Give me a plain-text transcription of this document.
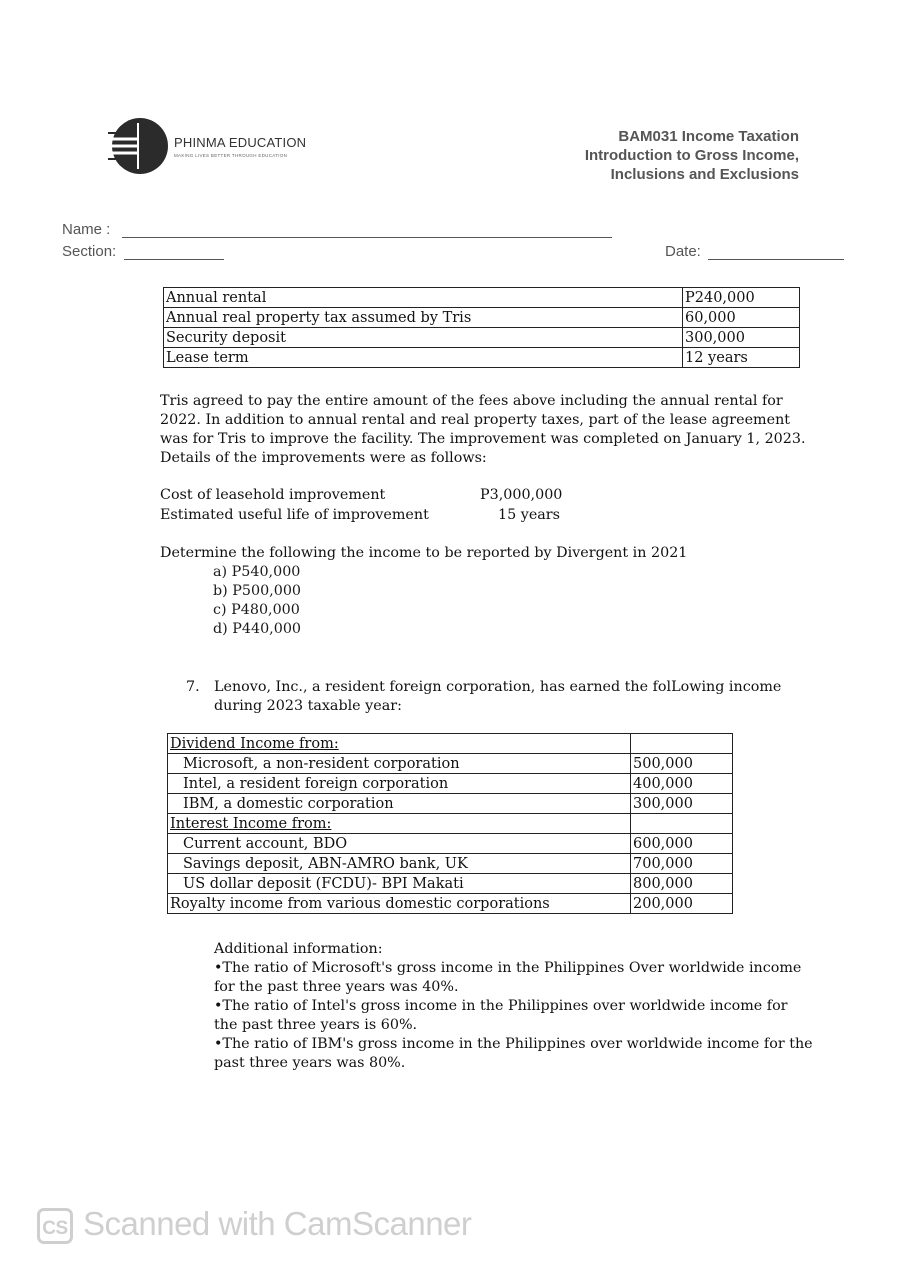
PHINMA EDUCATION
MAKING LIVES BETTER THROUGH EDUCATION
BAM031 Income Taxation
Introduction to Gross Income,
Inclusions and Exclusions
Name :
Section:	Date:
Annual rental	P240,000
Annual real property tax assumed by Tris	60,000
Security deposit	300,000
Lease term	12 years
Tris agreed to pay the entire amount of the fees above including the annual rental for 2022. In addition to annual rental and real property taxes, part of the lease agreement was for Tris to improve the facility. The improvement was completed on January 1, 2023. Details of the improvements were as follows:
Cost of leasehold improvement	P3,000,000
Estimated useful life of improvement	15 years
Determine the following the income to be reported by Divergent in 2021
a) P540,000
b) P500,000
c) P480,000
d) P440,000
7. Lenovo, Inc., a resident foreign corporation, has earned the folLowing income during 2023 taxable year:
Dividend Income from:	
Microsoft, a non-resident corporation	500,000
Intel, a resident foreign corporation	400,000
IBM, a domestic corporation	300,000
Interest Income from:	
Current account, BDO	600,000
Savings deposit, ABN-AMRO bank, UK	700,000
US dollar deposit (FCDU)- BPI Makati	800,000
Royalty income from various domestic corporations	200,000
Additional information:

•The ratio of Microsoft's gross income in the Philippines Over worldwide income for the past three years was 40%.

•The ratio of Intel's gross income in the Philippines over worldwide income for the past three years is 60%.

•The ratio of IBM's gross income in the Philippines over worldwide income for the past three years was 80%.

CS Scanned with CamScanner
